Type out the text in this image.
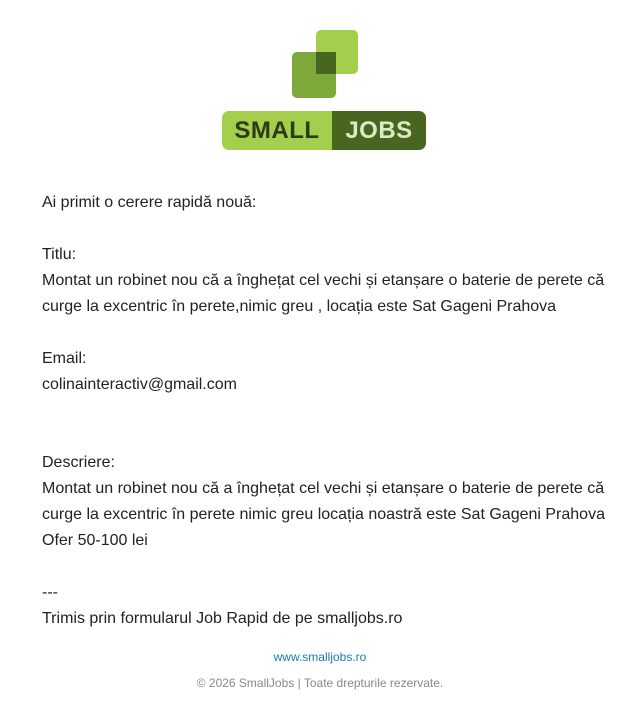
SMALL	JOBS

Ai primit o cerere rapidă nouă:

Titlu:

Montat un robinet nou că a înghețat cel vechi și etanșare o baterie de perete că

curge la excentric în perete,nimic greu , locația este Sat Gageni Prahova

Email:

colinainteractiv@gmail.com

Descriere:

Montat un robinet nou că a înghețat cel vechi și etanșare o baterie de perete că

curge la excentric în perete nimic greu locația noastră este Sat Gageni Prahova

Ofer 50-100 lei

---

Trimis prin formularul Job Rapid de pe smalljobs.ro

www.smalljobs.ro
© 2026 SmallJobs | Toate drepturile rezervate.
